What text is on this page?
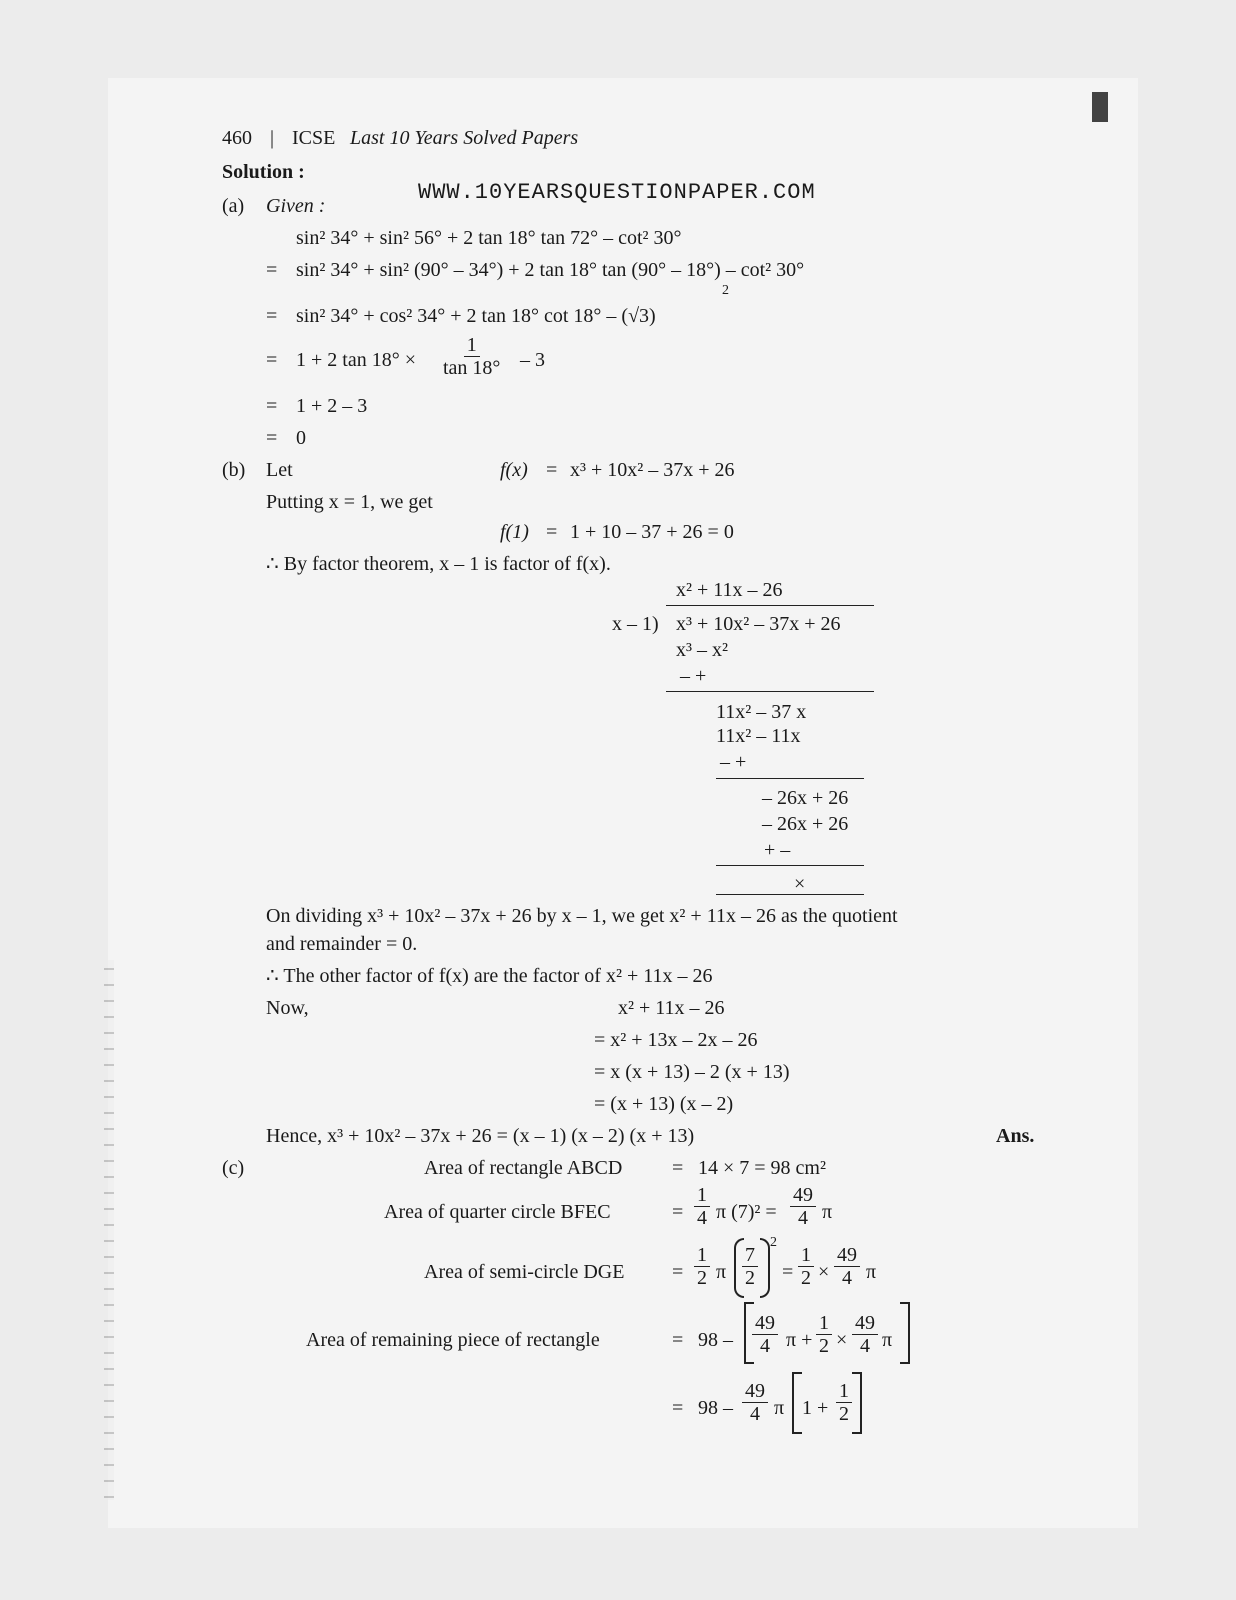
460 | ICSE Last 10 Years Solved Papers
Solution :
WWW.10YEARSQUESTIONPAPER.COM
(a) Given :
sin² 34° + sin² 56° + 2 tan 18° tan 72° – cot² 30°
= sin² 34° + sin² (90° – 34°) + 2 tan 18° tan (90° – 18°) – cot² 30°
2
= sin² 34° + cos² 34° + 2 tan 18° cot 18° – (√3)
= 1 + 2 $\tan 18^\circ \times \frac{1}{\tan 18^\circ} - 3$
= 1 + 2 – 3
= 0
(b) Let	f(x) = x³ + 10x² – 37x + 26
Putting x = 1, we get
f(1) = 1 + 10 – 37 + 26 = 0
∴ By factor theorem, x – 1 is factor of f(x).
x² + 11x – 26
x – 1) x³ + 10x² – 37x + 26
x³ – x²
– +
11x² – 37 x
11x² – 11x
– +
– 26x + 26
– 26x + 26
+ –
×
On dividing x³ + 10x² – 37x + 26 by x – 1, we get x² + 11x – 26 as the quotient
and remainder = 0.
∴ The other factor of f(x) are the factor of x² + 11x – 26
Now,	x² + 11x – 26
= x² + 13x – 2x – 26
= x (x + 13) – 2 (x + 13)
= (x + 13) (x – 2)
Hence, x³ + 10x² – 37x + 26 = (x – 1) (x – 2) (x + 13)	Ans.
(c)	Area of rectangle ABCD = 14 × 7 = 98 cm²
Area of quarter circle BFEC	= $\frac{1}{4}$ π $(7)^2 = \frac{49}{4}$ π
Area of semi-circle DGE = $\frac{1}{2}$ π $\frac{7}{2}$
2
= $\frac{1}{2} \times \frac{49}{4}$ π
Area of remaining piece of rectangle	= $98 - \frac{49}{4}$ $\pi + \frac{1}{2} \times \frac{49}{4}$ π
= $98 - \frac{49}{4}$ π $1 + \frac{1}{2}$
